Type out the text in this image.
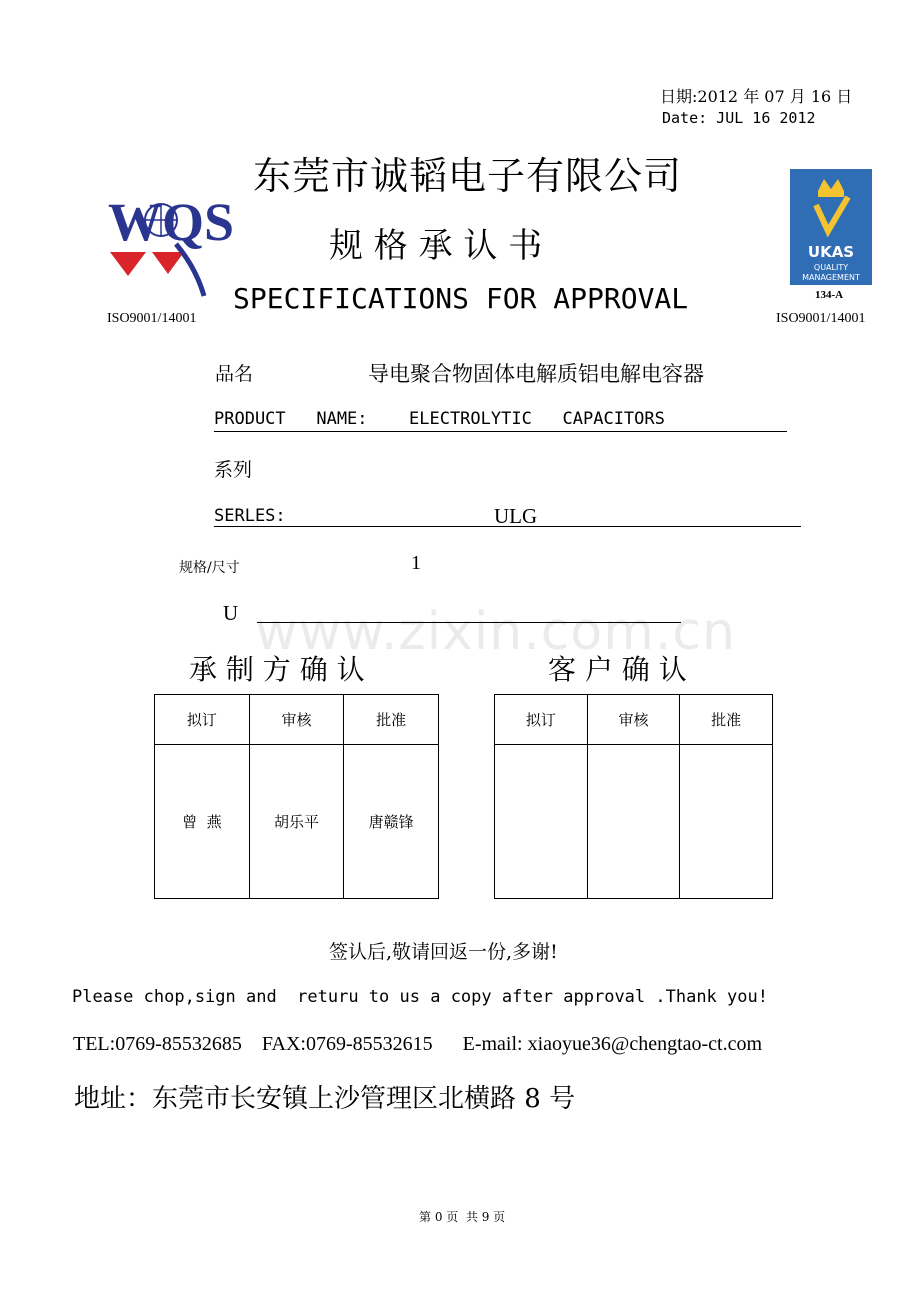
日期:2012 年 07 月 16 日
Date: JUL 16 2012
WQS
ISO9001/14001
UKAS
QUALITY
MANAGEMENT
134-A
ISO9001/14001
东莞市诚韬电子有限公司
规 格 承 认 书
SPECIFICATIONS FOR APPROVAL
品名	导电聚合物固体电解质铝电解电容器
PRODUCT   NAME: ELECTROLYTIC   CAPACITORS
系列
SERLES:	ULG
规格/尺寸	1
U www.zixin.com.cn
承 制 方 确 认	客 户 确 认
拟订	审核	批准
曾  燕	胡乐平	唐赣锋
拟订	审核	批准

签认后,敬请回返一份,多谢!
Please chop,sign and  returu to us a copy after approval .Thank you!
TEL:0769-85532685    FAX:0769-85532615      E-mail: xiaoyue36@chengtao-ct.com
地址：东莞市长安镇上沙管理区北横路 8 号
第 0 页  共 9 页
